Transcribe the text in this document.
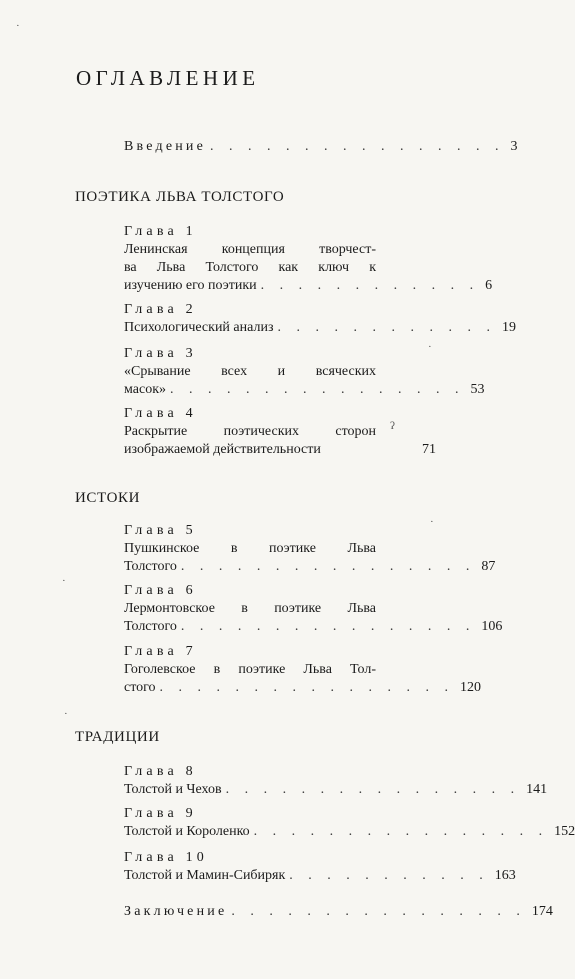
ОГЛАВЛЕНИЕ
Введение . . . . . . . . . . . . . . . . 3
ПОЭТИКА ЛЬВА ТОЛСТОГО
Глава 1
Ленинская концепция творчест-
ва Льва Толстого как ключ к
изучению его поэтики . . . . . . . . . . . . 6
Глава 2
Психологический анализ . . . . . . . . . . . . 19
Глава 3
«Срывание всех и всяческих
масок» . . . . . . . . . . . . . . . . 53
Глава 4
Раскрытие поэтических сторон
изображаемой действительности	71
ИСТОКИ
Глава 5
Пушкинское в поэтике Льва
Толстого . . . . . . . . . . . . . . . . 87
Глава 6
Лермонтовское в поэтике Льва
Толстого . . . . . . . . . . . . . . . . 106
Глава 7
Гоголевское в поэтике Льва Тол-
стого . . . . . . . . . . . . . . . . 120
ТРАДИЦИИ
Глава 8
Толстой и Чехов . . . . . . . . . . . . . . . . 141
Глава 9
Толстой и Короленко . . . . . . . . . . . . . . . . 152
Глава 10
Толстой и Мамин-Сибиряк . . . . . . . . . . . 163
Заключение . . . . . . . . . . . . . . . . 174
·
·
ʔ
·
·
·
